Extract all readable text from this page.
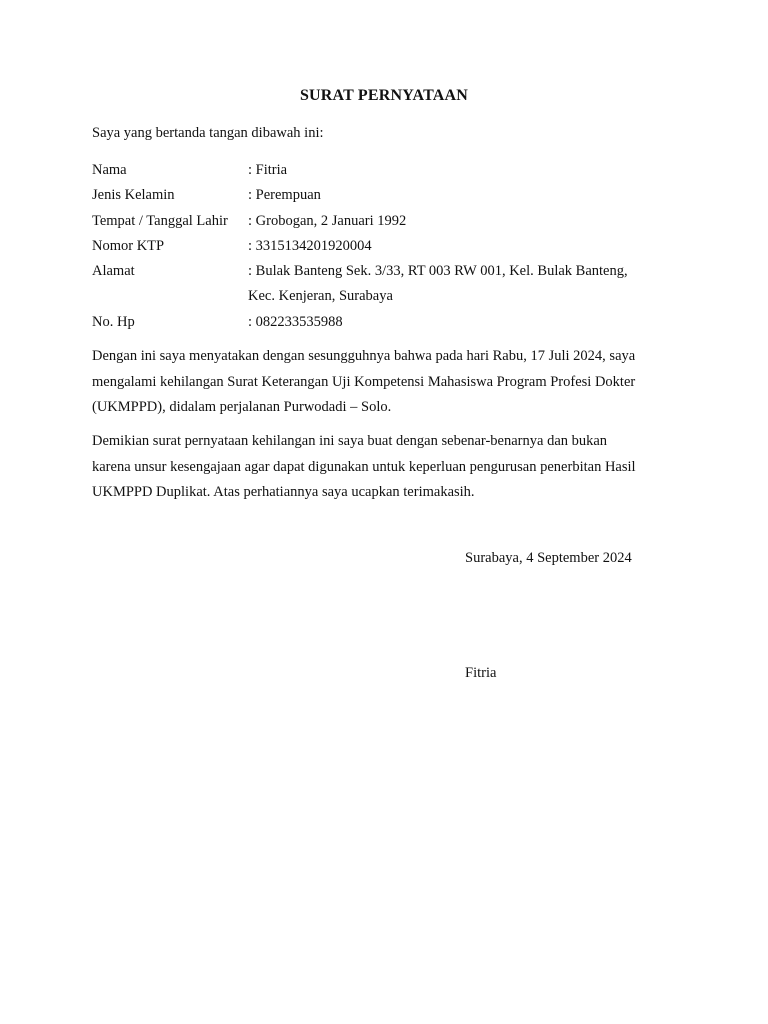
SURAT PERNYATAAN
Saya yang bertanda tangan dibawah ini:
Nama	: Fitria
Jenis Kelamin	: Perempuan
Tempat / Tanggal Lahir	: Grobogan, 2 Januari 1992
Nomor KTP	: 3315134201920004
Alamat	: Bulak Banteng Sek. 3/33, RT 003 RW 001, Kel. Bulak Banteng,
Kec. Kenjeran, Surabaya
No. Hp	: 082233535988
Dengan ini saya menyatakan dengan sesungguhnya bahwa pada hari Rabu, 17 Juli 2024, saya
mengalami kehilangan Surat Keterangan Uji Kompetensi Mahasiswa Program Profesi Dokter
(UKMPPD), didalam perjalanan Purwodadi – Solo.
Demikian surat pernyataan kehilangan ini saya buat dengan sebenar-benarnya dan bukan
karena unsur kesengajaan agar dapat digunakan untuk keperluan pengurusan penerbitan Hasil
UKMPPD Duplikat. Atas perhatiannya saya ucapkan terimakasih.
Surabaya, 4 September 2024
Fitria
